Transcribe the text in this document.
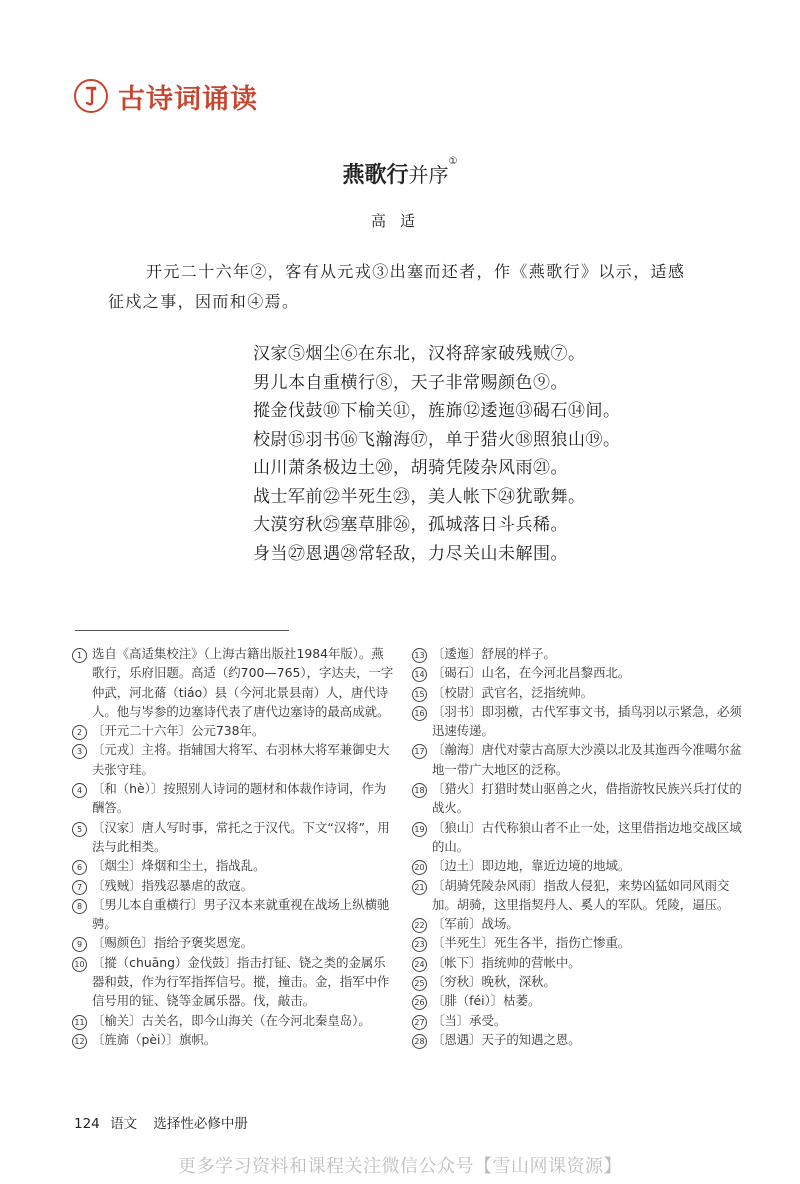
古诗词诵读
燕歌行并序①
高适
开元二十六年②，客有从元戎③出塞而还者，作《燕歌行》以示，适感征戍之事，因而和④焉。
汉家⑤烟尘⑥在东北，汉将辞家破残贼⑦。
男儿本自重横行⑧，天子非常赐颜色⑨。
摐金伐鼓⑩下榆关⑪，旌旆⑫逶迤⑬碣石⑭间。
校尉⑮羽书⑯飞瀚海⑰，单于猎火⑱照狼山⑲。
山川萧条极边土⑳，胡骑凭陵杂风雨㉑。
战士军前㉒半死生㉓，美人帐下㉔犹歌舞。
大漠穷秋㉕塞草腓㉖，孤城落日斗兵稀。
身当㉗恩遇㉘常轻敌，力尽关山未解围。
1 选自《高适集校注》（上海古籍出版社1984年版）。燕歌行，乐府旧题。高适（约700—765），字达夫，一字仲武，河北蓨（tiáo）县（今河北景县南）人，唐代诗人。他与岑参的边塞诗代表了唐代边塞诗的最高成就。
2 〔开元二十六年〕公元738年。
3 〔元戎〕主将。指辅国大将军、右羽林大将军兼御史大夫张守珪。
4 〔和（hè）〕按照别人诗词的题材和体裁作诗词，作为酬答。
5 〔汉家〕唐人写时事，常托之于汉代。下文“汉将”，用法与此相类。
6 〔烟尘〕烽烟和尘土，指战乱。
7 〔残贼〕指残忍暴虐的敌寇。
8 〔男儿本自重横行〕男子汉本来就重视在战场上纵横驰骋。
9 〔赐颜色〕指给予褒奖恩宠。
10 〔摐（chuāng）金伐鼓〕指击打钲、铙之类的金属乐器和鼓，作为行军指挥信号。摐，撞击。金，指军中作信号用的钲、铙等金属乐器。伐，敲击。
11 〔榆关〕古关名，即今山海关（在今河北秦皇岛）。
12 〔旌旆（pèi）〕旗帜。
13 〔逶迤〕舒展的样子。
14 〔碣石〕山名，在今河北昌黎西北。
15 〔校尉〕武官名，泛指统帅。
16 〔羽书〕即羽檄，古代军事文书，插鸟羽以示紧急，必须迅速传递。
17 〔瀚海〕唐代对蒙古高原大沙漠以北及其迤西今准噶尔盆地一带广大地区的泛称。
18 〔猎火〕打猎时焚山驱兽之火，借指游牧民族兴兵打仗的战火。
19 〔狼山〕古代称狼山者不止一处，这里借指边地交战区域的山。
20 〔边土〕即边地，靠近边境的地域。
21 〔胡骑凭陵杂风雨〕指敌人侵犯，来势凶猛如同风雨交加。胡骑，这里指契丹人、奚人的军队。凭陵，逼压。
22 〔军前〕战场。
23 〔半死生〕死生各半，指伤亡惨重。
24 〔帐下〕指统帅的营帐中。
25 〔穷秋〕晚秋，深秋。
26 〔腓（féi）〕枯萎。
27 〔当〕承受。
28 〔恩遇〕天子的知遇之恩。
124 语文 选择性必修中册
更多学习资料和课程关注微信公众号【雪山网课资源】
